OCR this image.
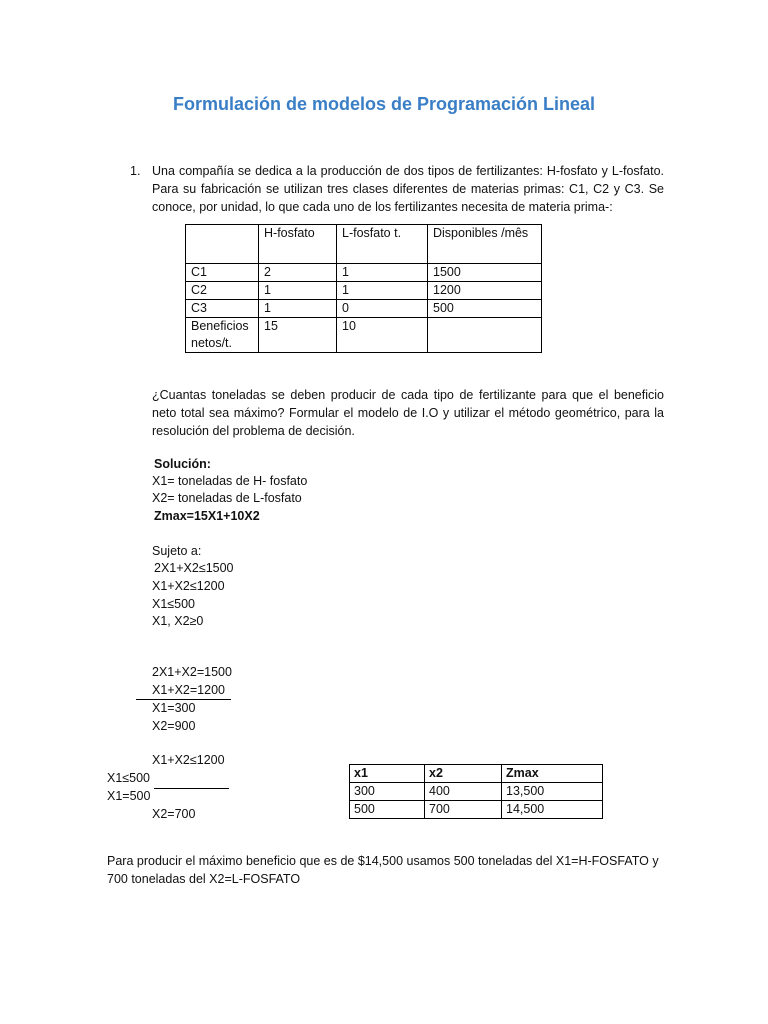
Formulación de modelos de Programación Lineal
1. Una compañía se dedica a la producción de dos tipos de fertilizantes: H-fosfato y L-fosfato. Para su fabricación se utilizan tres clases diferentes de materias primas: C1, C2 y C3. Se conoce, por unidad, lo que cada uno de los fertilizantes necesita de materia prima-:
	H-fosfato	L-fosfato t.	Disponibles /mês
C1	2	1	1500
C2	1	1	1200
C3	1	0	500
Beneficios netos/t.	15	10	
¿Cuantas toneladas se deben producir de cada tipo de fertilizante para que el beneficio neto total sea máximo? Formular el modelo de I.O y utilizar el método geométrico, para la resolución del problema de decisión.
Solución:
X1= toneladas de H- fosfato
X2= toneladas de L-fosfato
Zmax=15X1+10X2
Sujeto a:
2X1+X2≤1500
X1+X2≤1200
X1≤500
X1, X2≥0
2X1+X2=1500
X1+X2=1200
X1=300
X2=900
X1+X2≤1200
X1≤500
X1=500
X2=700
x1	x2	Zmax
300	400	13,500
500	700	14,500
Para producir el máximo beneficio que es de $14,500 usamos 500 toneladas del X1=H-FOSFATO y 700 toneladas del X2=L-FOSFATO
